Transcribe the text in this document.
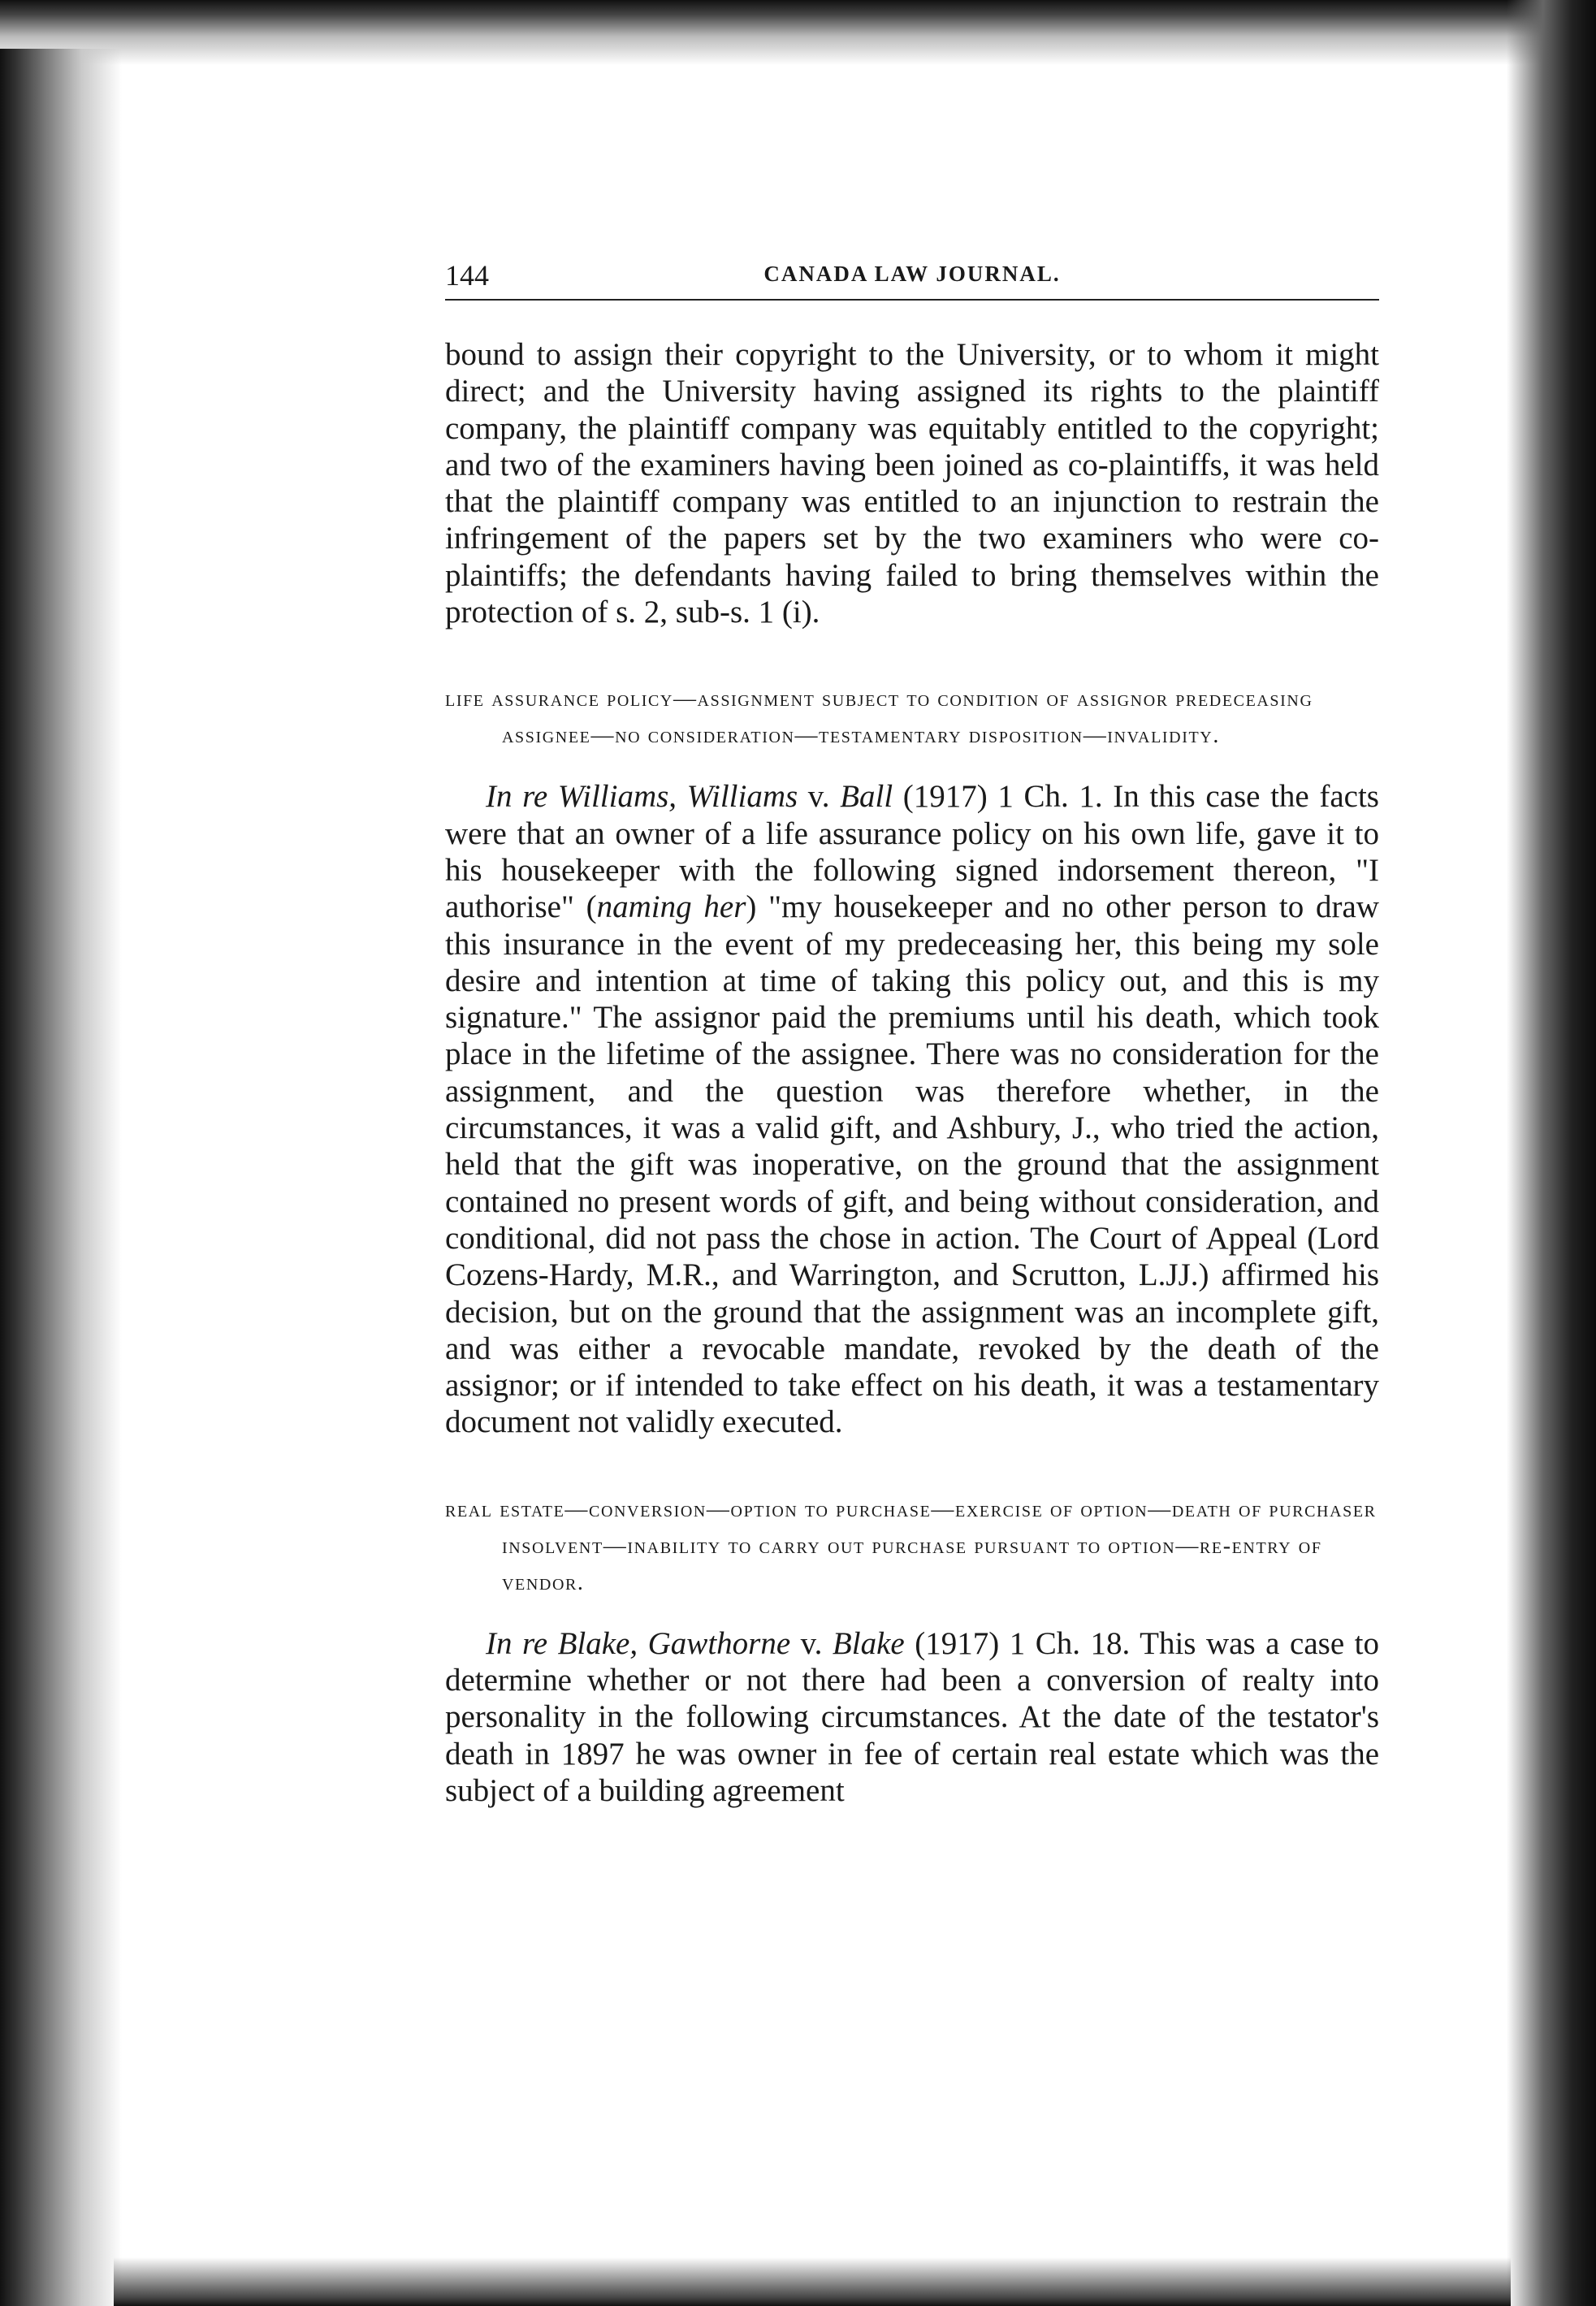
144	CANADA LAW JOURNAL.

bound to assign their copyright to the University, or to whom it might direct; and the University having assigned its rights to the plaintiff company, the plaintiff company was equitably entitled to the copyright; and two of the examiners having been joined as co-plaintiffs, it was held that the plaintiff company was entitled to an injunction to restrain the infringement of the papers set by the two examiners who were co-plaintiffs; the defendants having failed to bring themselves within the protection of s. 2, sub-s. 1 (i).

life assurance policy—assignment subject to condition of assignor predeceasing assignee—no consideration—testamentary disposition—invalidity.

In re Williams, Williams v. Ball (1917) 1 Ch. 1. In this case the facts were that an owner of a life assurance policy on his own life, gave it to his housekeeper with the following signed indorsement thereon, "I authorise" (naming her) "my housekeeper and no other person to draw this insurance in the event of my predeceasing her, this being my sole desire and intention at time of taking this policy out, and this is my signature." The assignor paid the premiums until his death, which took place in the lifetime of the assignee. There was no consideration for the assignment, and the question was therefore whether, in the circumstances, it was a valid gift, and Ashbury, J., who tried the action, held that the gift was inoperative, on the ground that the assignment contained no present words of gift, and being without consideration, and conditional, did not pass the chose in action. The Court of Appeal (Lord Cozens-Hardy, M.R., and Warrington, and Scrutton, L.JJ.) affirmed his decision, but on the ground that the assignment was an incomplete gift, and was either a revocable mandate, revoked by the death of the assignor; or if intended to take effect on his death, it was a testamentary document not validly executed.

real estate—conversion—option to purchase—exercise of option—death of purchaser insolvent—inability to carry out purchase pursuant to option—re-entry of vendor.

In re Blake, Gawthorne v. Blake (1917) 1 Ch. 18. This was a case to determine whether or not there had been a conversion of realty into personality in the following circumstances. At the date of the testator's death in 1897 he was owner in fee of certain real estate which was the subject of a building agreement
